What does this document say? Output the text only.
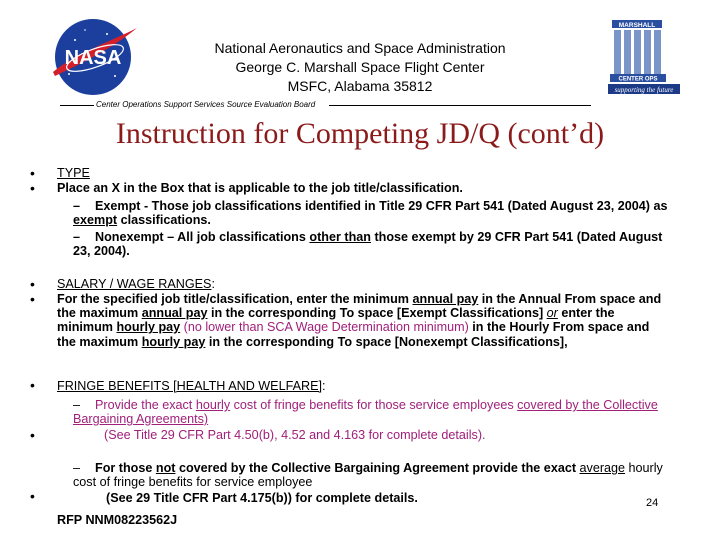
NASA
MARSHALL
CENTER OPS
supporting the future
National Aeronautics and Space Administration
George C. Marshall Space Flight Center
MSFC, Alabama 35812
Center Operations Support Services Source Evaluation Board
Instruction for Competing JD/Q (cont’d)
•
•
•
•
•
•
•
TYPE
Place an X in the Box that is applicable to the job title/classification.
– Exempt - Those job classifications identified in Title 29 CFR Part 541 (Dated August 23, 2004) as exempt classifications.
– Nonexempt – All job classifications other than those exempt by 29 CFR Part 541 (Dated August 23, 2004).
SALARY / WAGE RANGES:
For the specified job title/classification, enter the minimum annual pay in the Annual From space and the maximum annual pay in the corresponding To space [Exempt Classifications] or enter the minimum hourly pay (no lower than SCA Wage Determination minimum) in the Hourly From space and the maximum hourly pay in the corresponding To space [Nonexempt Classifications],
FRINGE BENEFITS [HEALTH AND WELFARE]:
– Provide the exact hourly cost of fringe benefits for those service employees covered by the Collective Bargaining Agreements)
(See Title 29 CFR Part 4.50(b), 4.52 and 4.163 for complete details).
– For those not covered by the Collective Bargaining Agreement provide the exact average hourly cost of fringe benefits for service employee
(See 29 Title CFR Part 4.175(b)) for complete details.
RFP NNM08223562J
24
